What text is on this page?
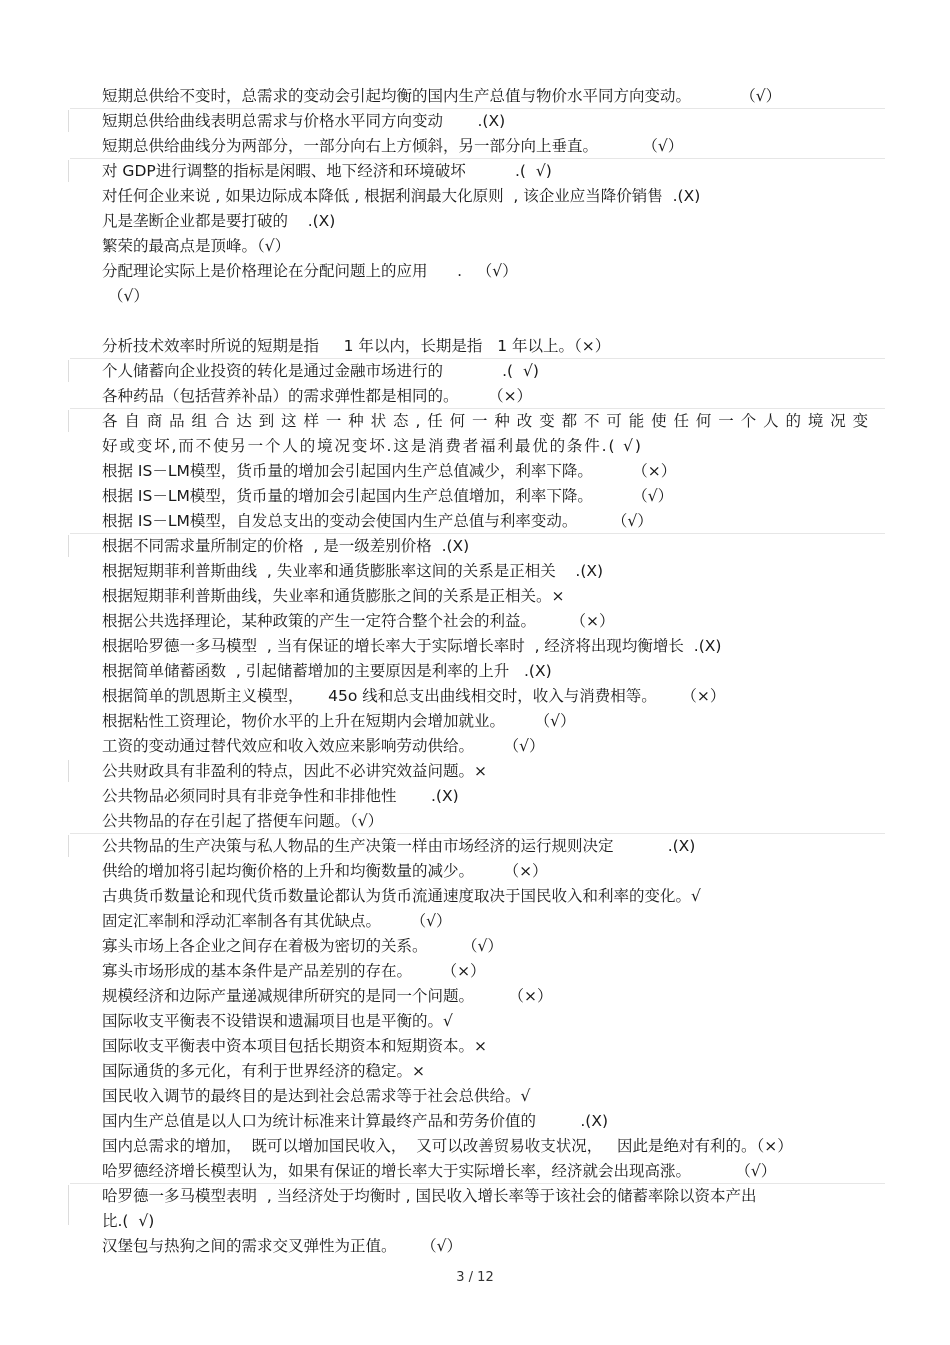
短期总供给不变时，总需求的变动会引起均衡的国内生产总值与物价水平同方向变动。          （√）
短期总供给曲线表明总需求与价格水平同方向变动       .(X)
短期总供给曲线分为两部分，一部分向右上方倾斜，另一部分向上垂直。         （√）
对 GDP进行调整的指标是闲暇、地下经济和环境破坏          .(  √)
对任何企业来说 , 如果边际成本降低 , 根据利润最大化原则  , 该企业应当降价销售  .(X)
凡是垄断企业都是要打破的    .(X)
繁荣的最高点是顶峰。（√）
分配理论实际上是价格理论在分配问题上的应用      .   （√）
（√）
分析技术效率时所说的短期是指     1 年以内，长期是指   1 年以上。（×）
个人储蓄向企业投资的转化是通过金融市场进行的            .(  √)
各种药品（包括营养补品）的需求弹性都是相同的。      （×）
各自商品组合达到这样一种状态,任何一种改变都不可能使任何一个人的境况变
好或变坏,而不使另一个人的境况变坏.这是消费者福利最优的条件.( √)
根据 IS－LM模型，货币量的增加会引起国内生产总值减少，利率下降。        （×）
根据 IS－LM模型，货币量的增加会引起国内生产总值增加，利率下降。        （√）
根据 IS－LM模型，自发总支出的变动会使国内生产总值与利率变动。       （√）
根据不同需求量所制定的价格  , 是一级差别价格  .(X)
根据短期菲利普斯曲线  , 失业率和通货膨胀率这间的关系是正相关    .(X)
根据短期菲利普斯曲线，失业率和通货膨胀之间的关系是正相关。×
根据公共选择理论，某种政策的产生一定符合整个社会的利益。       （×）
根据哈罗德一多马模型  , 当有保证的增长率大于实际增长率时  , 经济将出现均衡增长  .(X)
根据简单储蓄函数  , 引起储蓄增加的主要原因是利率的上升   .(X)
根据简单的凯恩斯主义模型，     45o 线和总支出曲线相交时，收入与消费相等。     （×）
根据粘性工资理论，物价水平的上升在短期内会增加就业。      （√）
工资的变动通过替代效应和收入效应来影响劳动供给。      （√）
公共财政具有非盈利的特点，因此不必讲究效益问题。×
公共物品必须同时具有非竞争性和非排他性       .(X)
公共物品的存在引起了搭便车问题。（√）
公共物品的生产决策与私人物品的生产决策一样由市场经济的运行规则决定           .(X)
供给的增加将引起均衡价格的上升和均衡数量的减少。      （×）
古典货币数量论和现代货币数量论都认为货币流通速度取决于国民收入和利率的变化。√
固定汇率制和浮动汇率制各有其优缺点。      （√）
寡头市场上各企业之间存在着极为密切的关系。       （√）
寡头市场形成的基本条件是产品差别的存在。      （×）
规模经济和边际产量递减规律所研究的是同一个问题。       （×）
国际收支平衡表不设错误和遗漏项目也是平衡的。√
国际收支平衡表中资本项目包括长期资本和短期资本。×
国际通货的多元化，有利于世界经济的稳定。×
国民收入调节的最终目的是达到社会总需求等于社会总供给。√
国内生产总值是以人口为统计标准来计算最终产品和劳务价值的         .(X)
国内总需求的增加，  既可以增加国民收入，  又可以改善贸易收支状况，   因此是绝对有利的。（×）
哈罗德经济增长模型认为，如果有保证的增长率大于实际增长率，经济就会出现高涨。         （√）
哈罗德一多马模型表明  , 当经济处于均衡时 , 国民收入增长率等于该社会的储蓄率除以资本产出
比.(  √)
汉堡包与热狗之间的需求交叉弹性为正值。     （√）
3 / 12
